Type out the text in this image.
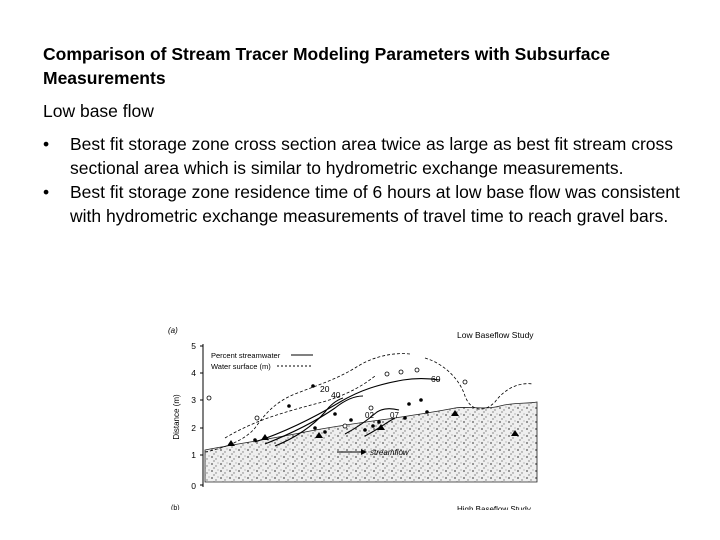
Comparison of Stream Tracer Modeling Parameters with Subsurface Measurements
Low base flow
•	Best fit storage zone cross section area twice as large as best fit stream cross sectional area which is similar to hydrometric exchange measurements.
•	Best fit storage zone residence time of 6 hours at low base flow was consistent with hydrometric exchange measurements of travel time to reach gravel bars.
(a)	Low Baseflow Study
5
4
3
2
1
0
Distance (m)
Percent streamwater
Water surface (m)
60
40
20
07
02
streamflow
(b)	High Baseflow Study
